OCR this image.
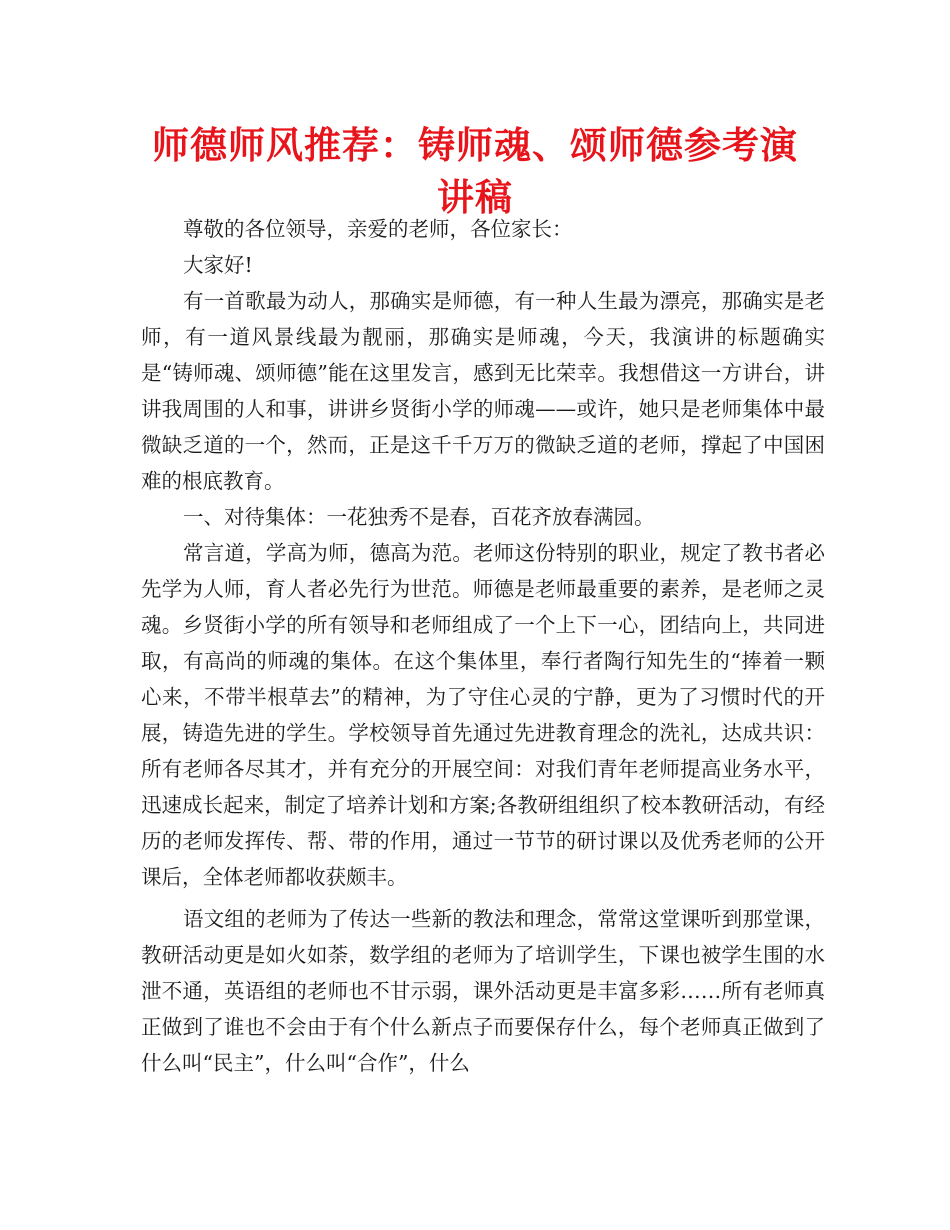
师德师风推荐：铸师魂、颂师德参考演讲稿

尊敬的各位领导，亲爱的老师，各位家长：

大家好!

有一首歌最为动人，那确实是师德，有一种人生最为漂亮，那确实是老师，有一道风景线最为靓丽，那确实是师魂，今天，我演讲的标题确实是“铸师魂、颂师德”能在这里发言，感到无比荣幸。我想借这一方讲台，讲讲我周围的人和事，讲讲乡贤街小学的师魂——或许，她只是老师集体中最微缺乏道的一个，然而，正是这千千万万的微缺乏道的老师，撑起了中国困难的根底教育。

一、对待集体：一花独秀不是春，百花齐放春满园。

常言道，学高为师，德高为范。老师这份特别的职业，规定了教书者必先学为人师，育人者必先行为世范。师德是老师最重要的素养，是老师之灵魂。乡贤街小学的所有领导和老师组成了一个上下一心，团结向上，共同进取，有高尚的师魂的集体。在这个集体里，奉行者陶行知先生的“捧着一颗心来，不带半根草去”的精神，为了守住心灵的宁静，更为了习惯时代的开展，铸造先进的学生。学校领导首先通过先进教育理念的洗礼，达成共识：所有老师各尽其才，并有充分的开展空间：对我们青年老师提高业务水平，迅速成长起来，制定了培养计划和方案;各教研组组织了校本教研活动，有经历的老师发挥传、帮、带的作用，通过一节节的研讨课以及优秀老师的公开课后，全体老师都收获颇丰。

语文组的老师为了传达一些新的教法和理念，常常这堂课听到那堂课，教研活动更是如火如荼，数学组的老师为了培训学生，下课也被学生围的水泄不通，英语组的老师也不甘示弱，课外活动更是丰富多彩……所有老师真正做到了谁也不会由于有个什么新点子而要保存什么，每个老师真正做到了什么叫“民主”，什么叫“合作”，什么
